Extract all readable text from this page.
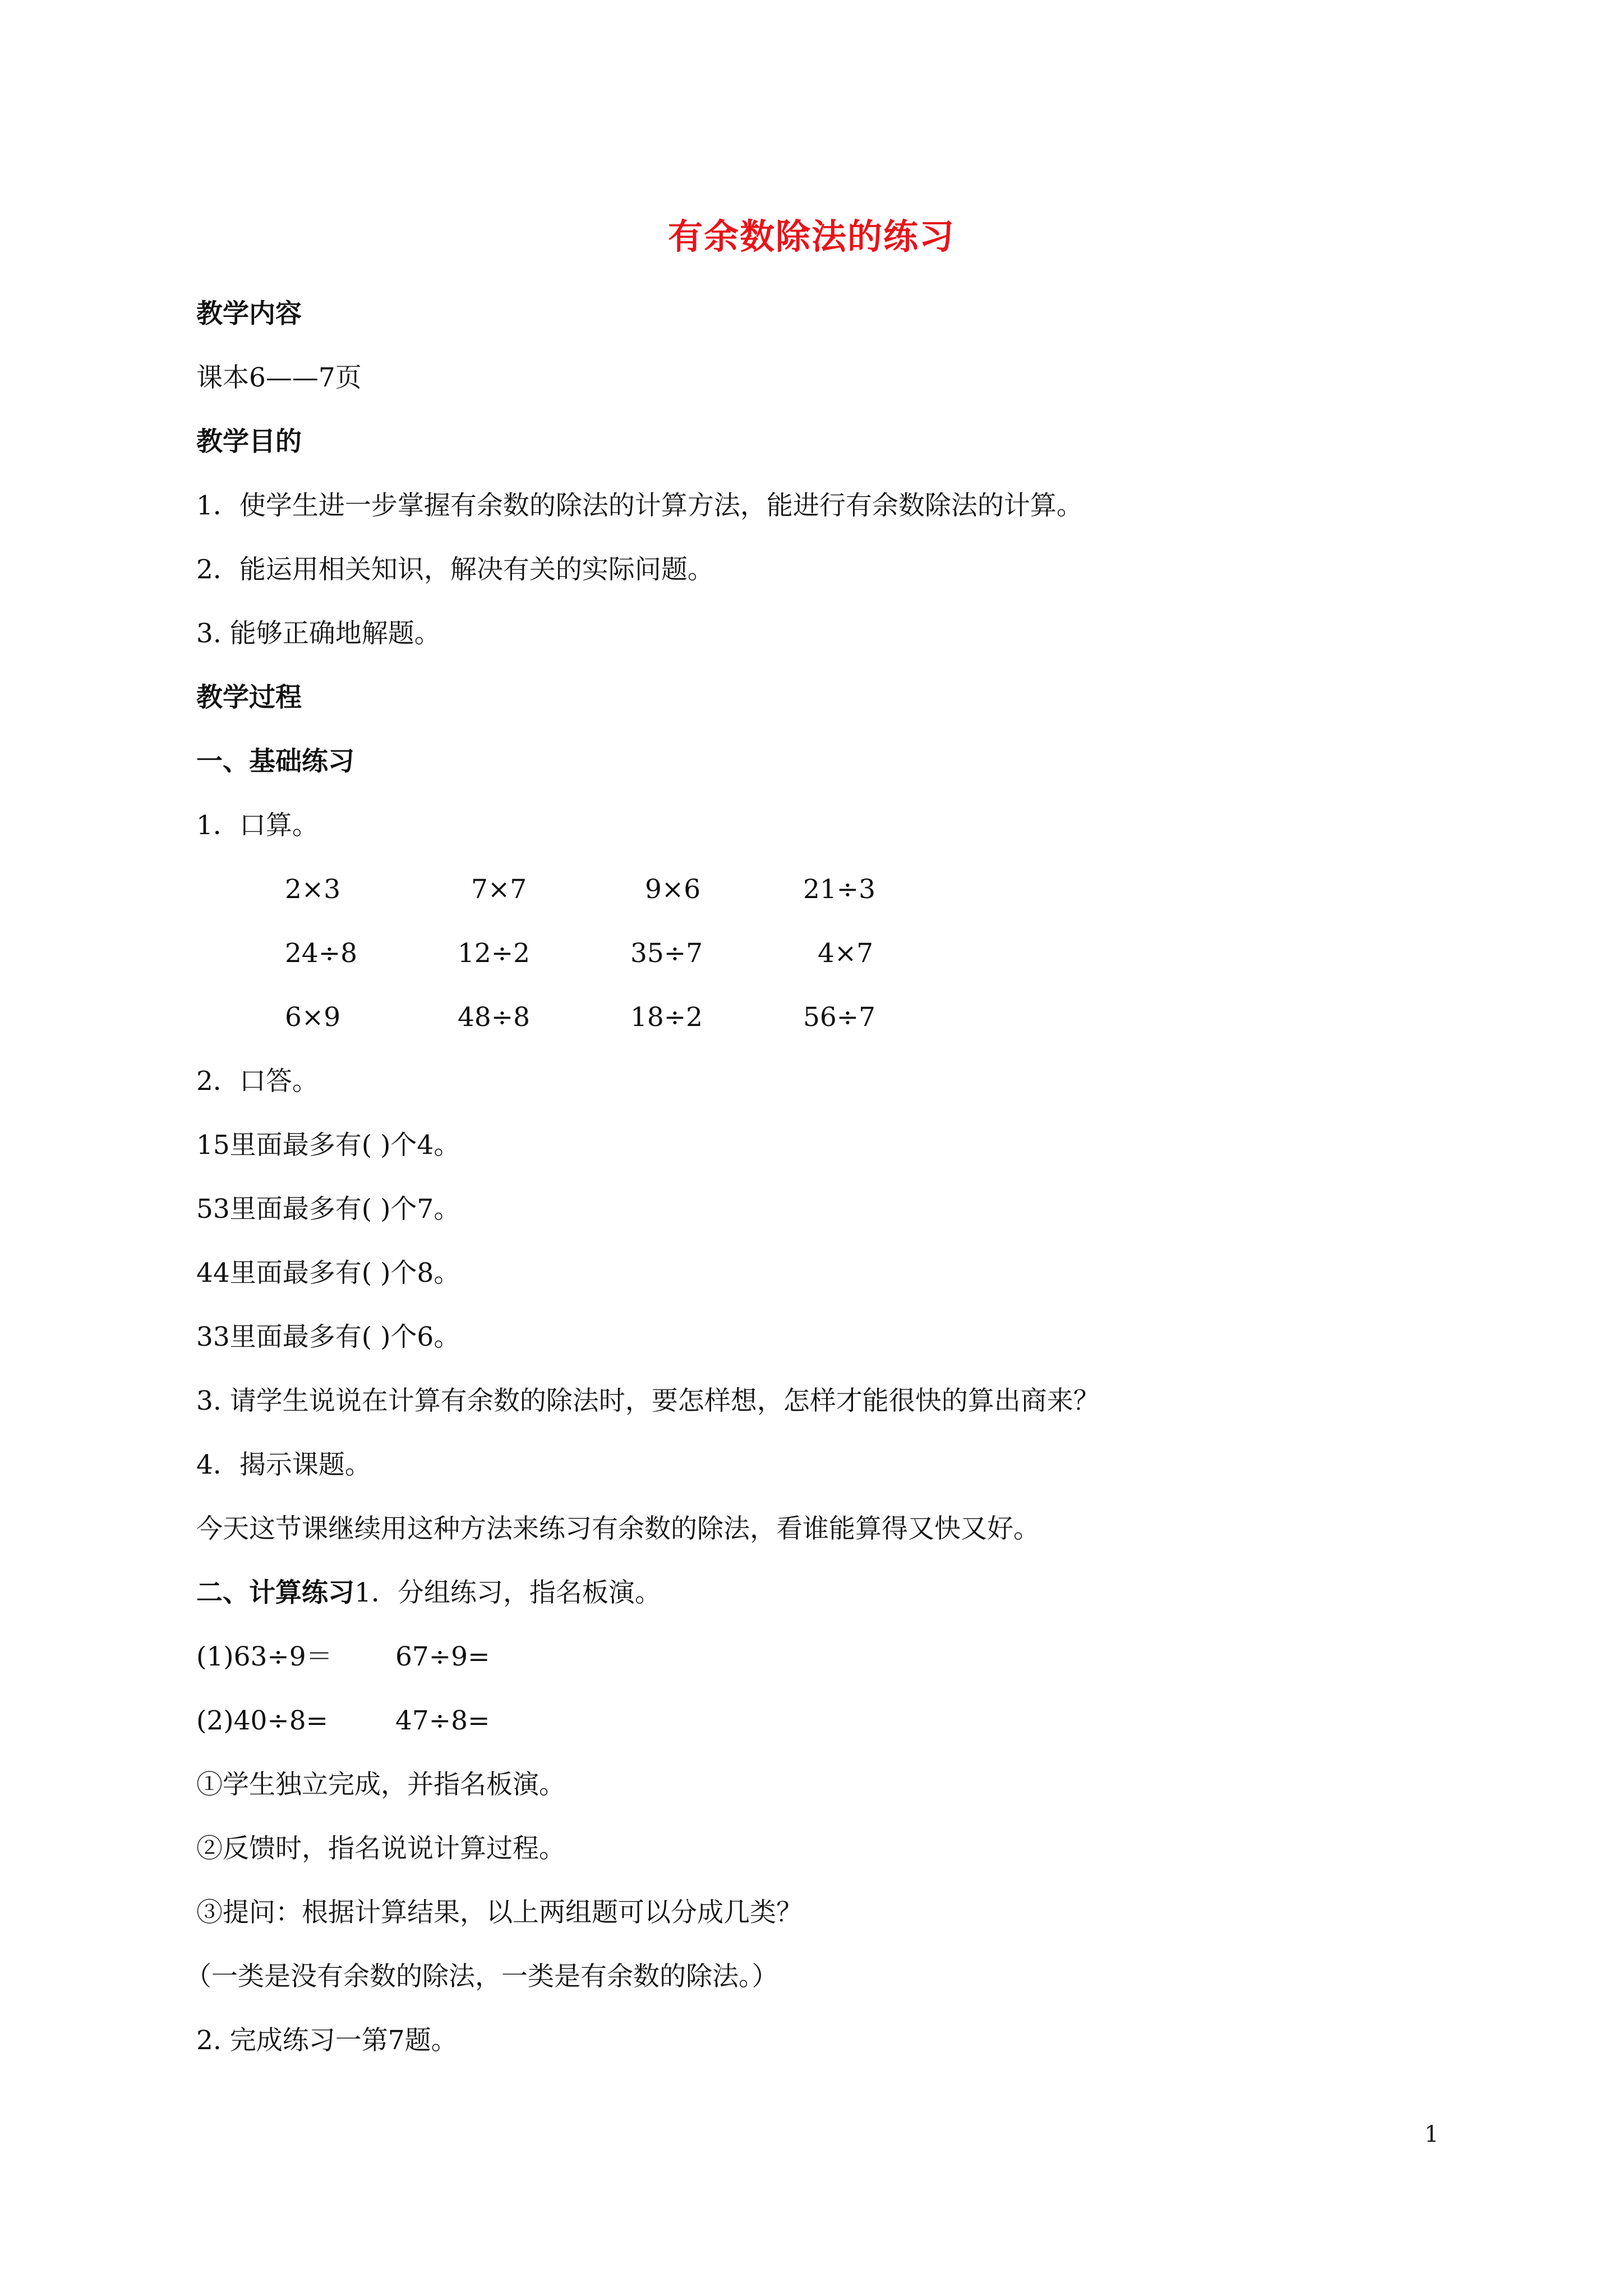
有余数除法的练习
教学内容
课本6——7页
教学目的
1．使学生进一步掌握有余数的除法的计算方法，能进行有余数除法的计算。
2．能运用相关知识，解决有关的实际问题。
3. 能够正确地解题。
教学过程
一、基础练习
1．口算。
2×3	7×7	9×6	21÷3
24÷8	12÷2	35÷7	4×7
6×9	48÷8	18÷2	56÷7
2．口答。
15里面最多有( )个4。
53里面最多有( )个7。
44里面最多有( )个8。
33里面最多有( )个6。
3. 请学生说说在计算有余数的除法时，要怎样想，怎样才能很快的算出商来？
4．揭示课题。
今天这节课继续用这种方法来练习有余数的除法，看谁能算得又快又好。
二、计算练习1．分组练习，指名板演。
(1)63÷9＝ 67÷9=
(2)40÷8=	47÷8=
①学生独立完成，并指名板演。
②反馈时，指名说说计算过程。
③提问：根据计算结果，以上两组题可以分成几类？
（一类是没有余数的除法，一类是有余数的除法。）
2. 完成练习一第7题。
1
